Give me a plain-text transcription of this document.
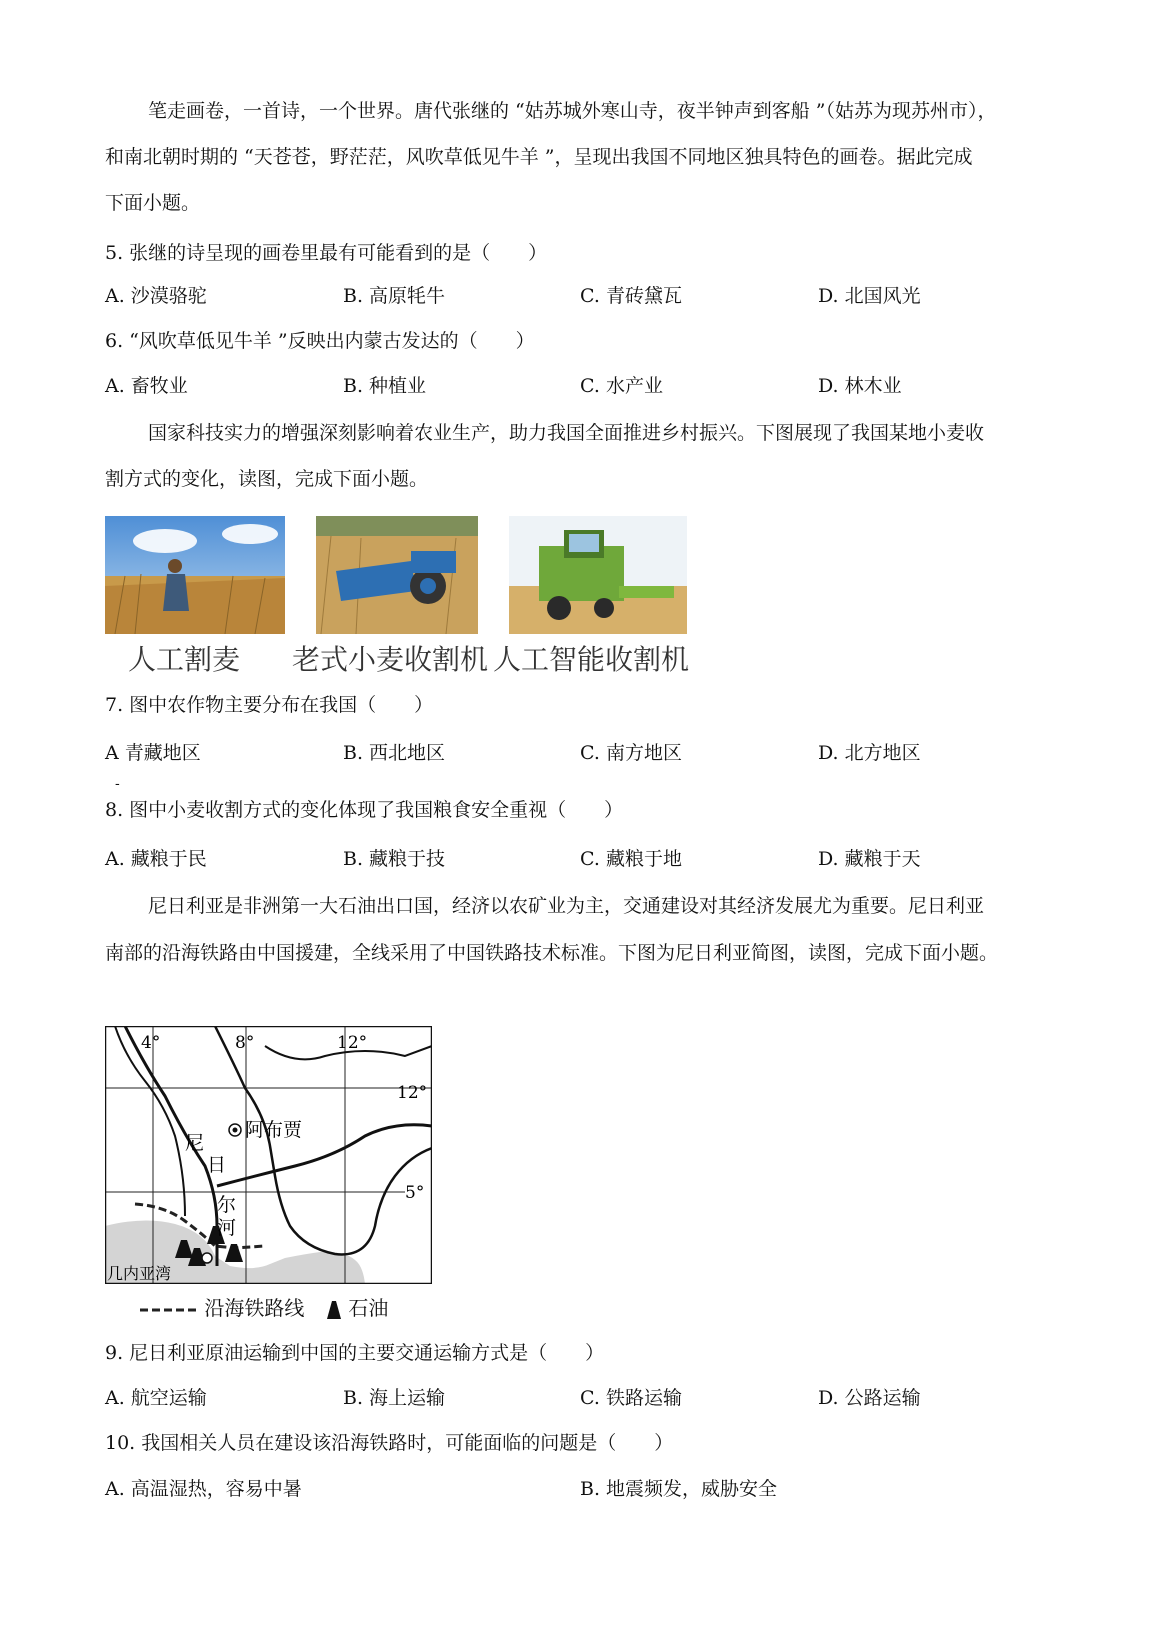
笔走画卷，一首诗，一个世界。唐代张继的 “姑苏城外寒山寺，夜半钟声到客船 ”（姑苏为现苏州市），
和南北朝时期的 “天苍苍，野茫茫，风吹草低见牛羊 ”，呈现出我国不同地区独具特色的画卷。据此完成
下面小题。
5. 张继的诗呈现的画卷里最有可能看到的是（　　）
A. 沙漠骆驼	B. 高原牦牛	C. 青砖黛瓦	D. 北国风光
6. “风吹草低见牛羊 ”反映出内蒙古发达的（　　）
A. 畜牧业	B. 种植业	C. 水产业	D. 林木业
国家科技实力的增强深刻影响着农业生产，助力我国全面推进乡村振兴。下图展现了我国某地小麦收
割方式的变化，读图，完成下面小题。
人工割麦 老式小麦收割机 人工智能收割机
7. 图中农作物主要分布在我国（　　）
A 青藏地区	B. 西北地区	C. 南方地区	D. 北方地区
-
8. 图中小麦收割方式的变化体现了我国粮食安全重视（　　）
A. 藏粮于民	B. 藏粮于技	C. 藏粮于地	D. 藏粮于天
尼日利亚是非洲第一大石油出口国，经济以农矿业为主，交通建设对其经济发展尤为重要。尼日利亚
南部的沿海铁路由中国援建，全线采用了中国铁路技术标准。下图为尼日利亚简图，读图，完成下面小题。
阿布贾
4°	8°	12°
12°
5°
尼
日
尔
河
几内亚湾
沿海铁路线	石油
9. 尼日利亚原油运输到中国的主要交通运输方式是（　　）
A. 航空运输	B. 海上运输	C. 铁路运输	D. 公路运输
10. 我国相关人员在建设该沿海铁路时，可能面临的问题是（　　）
A. 高温湿热，容易中暑	B. 地震频发，威胁安全
